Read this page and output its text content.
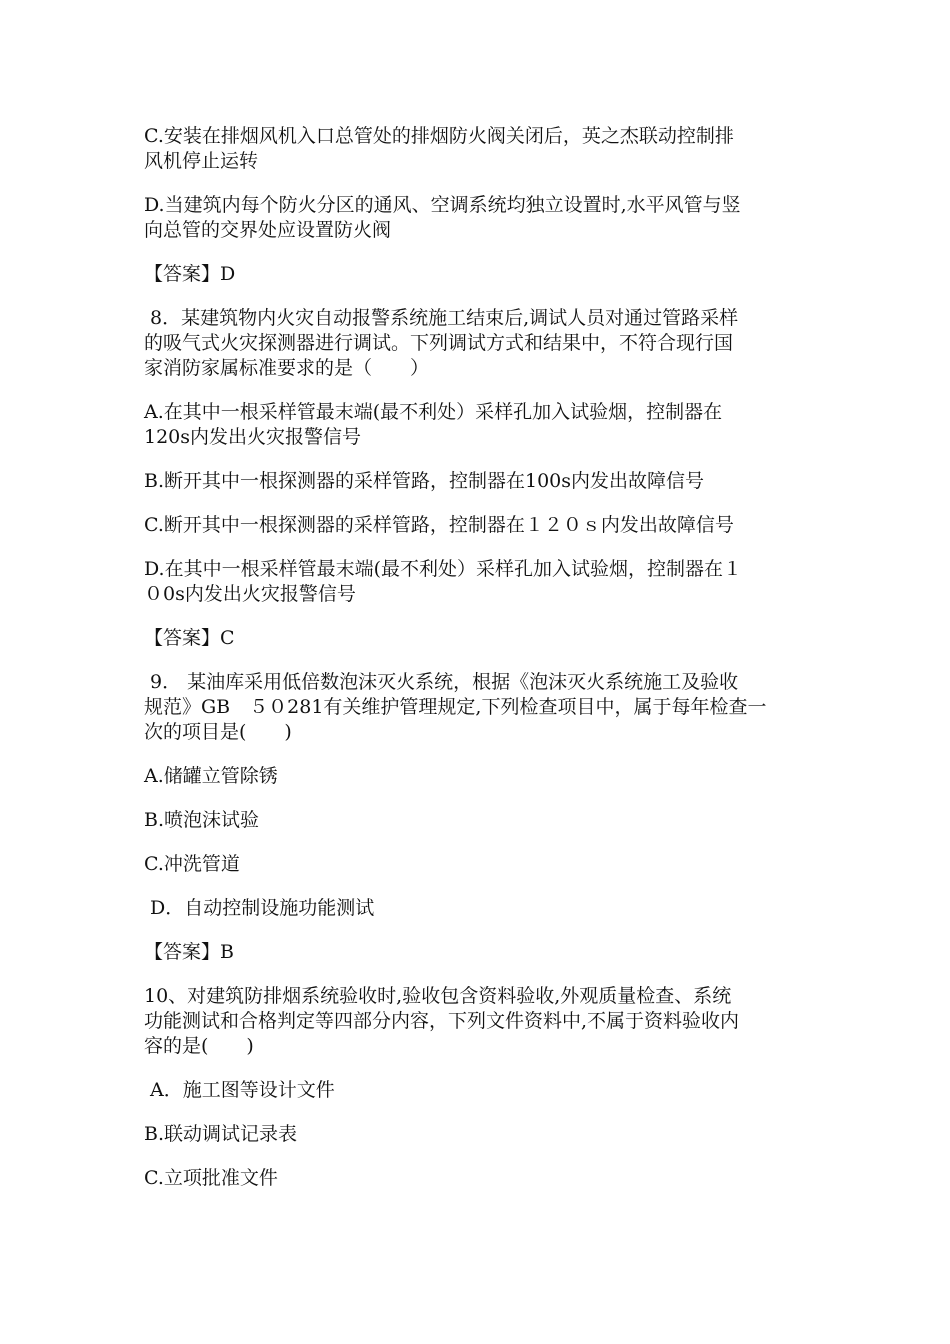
C.安装在排烟风机入口总管处的排烟防火阀关闭后，英之杰联动控制排
风机停止运转

D.当建筑内每个防火分区的通风、空调系统均独立设置时,水平风管与竖
向总管的交界处应设置防火阀

【答案】D

8．某建筑物内火灾自动报警系统施工结束后,调试人员对通过管路采样
的吸气式火灾探测器进行调试。下列调试方式和结果中，不符合现行国
家消防家属标准要求的是（　　）

A.在其中一根采样管最末端(最不利处）采样孔加入试验烟，控制器在
120s内发出火灾报警信号

B.断开其中一根探测器的采样管路，控制器在100s内发出故障信号

C.断开其中一根探测器的采样管路，控制器在１２０ｓ内发出故障信号

D.在其中一根采样管最末端(最不利处）采样孔加入试验烟，控制器在１
０0s内发出火灾报警信号

【答案】C

9． 某油库采用低倍数泡沫灭火系统，根据《泡沫灭火系统施工及验收
规范》GB　５０281有关维护管理规定,下列检查项目中，属于每年检查一
次的项目是(　　)

A.储罐立管除锈

B.喷泡沫试验

C.冲洗管道

D．自动控制设施功能测试

【答案】B

10、对建筑防排烟系统验收时,验收包含资料验收,外观质量检查、系统
功能测试和合格判定等四部分内容，下列文件资料中,不属于资料验收内
容的是(　　)

A．施工图等设计文件

B.联动调试记录表

C.立项批准文件
